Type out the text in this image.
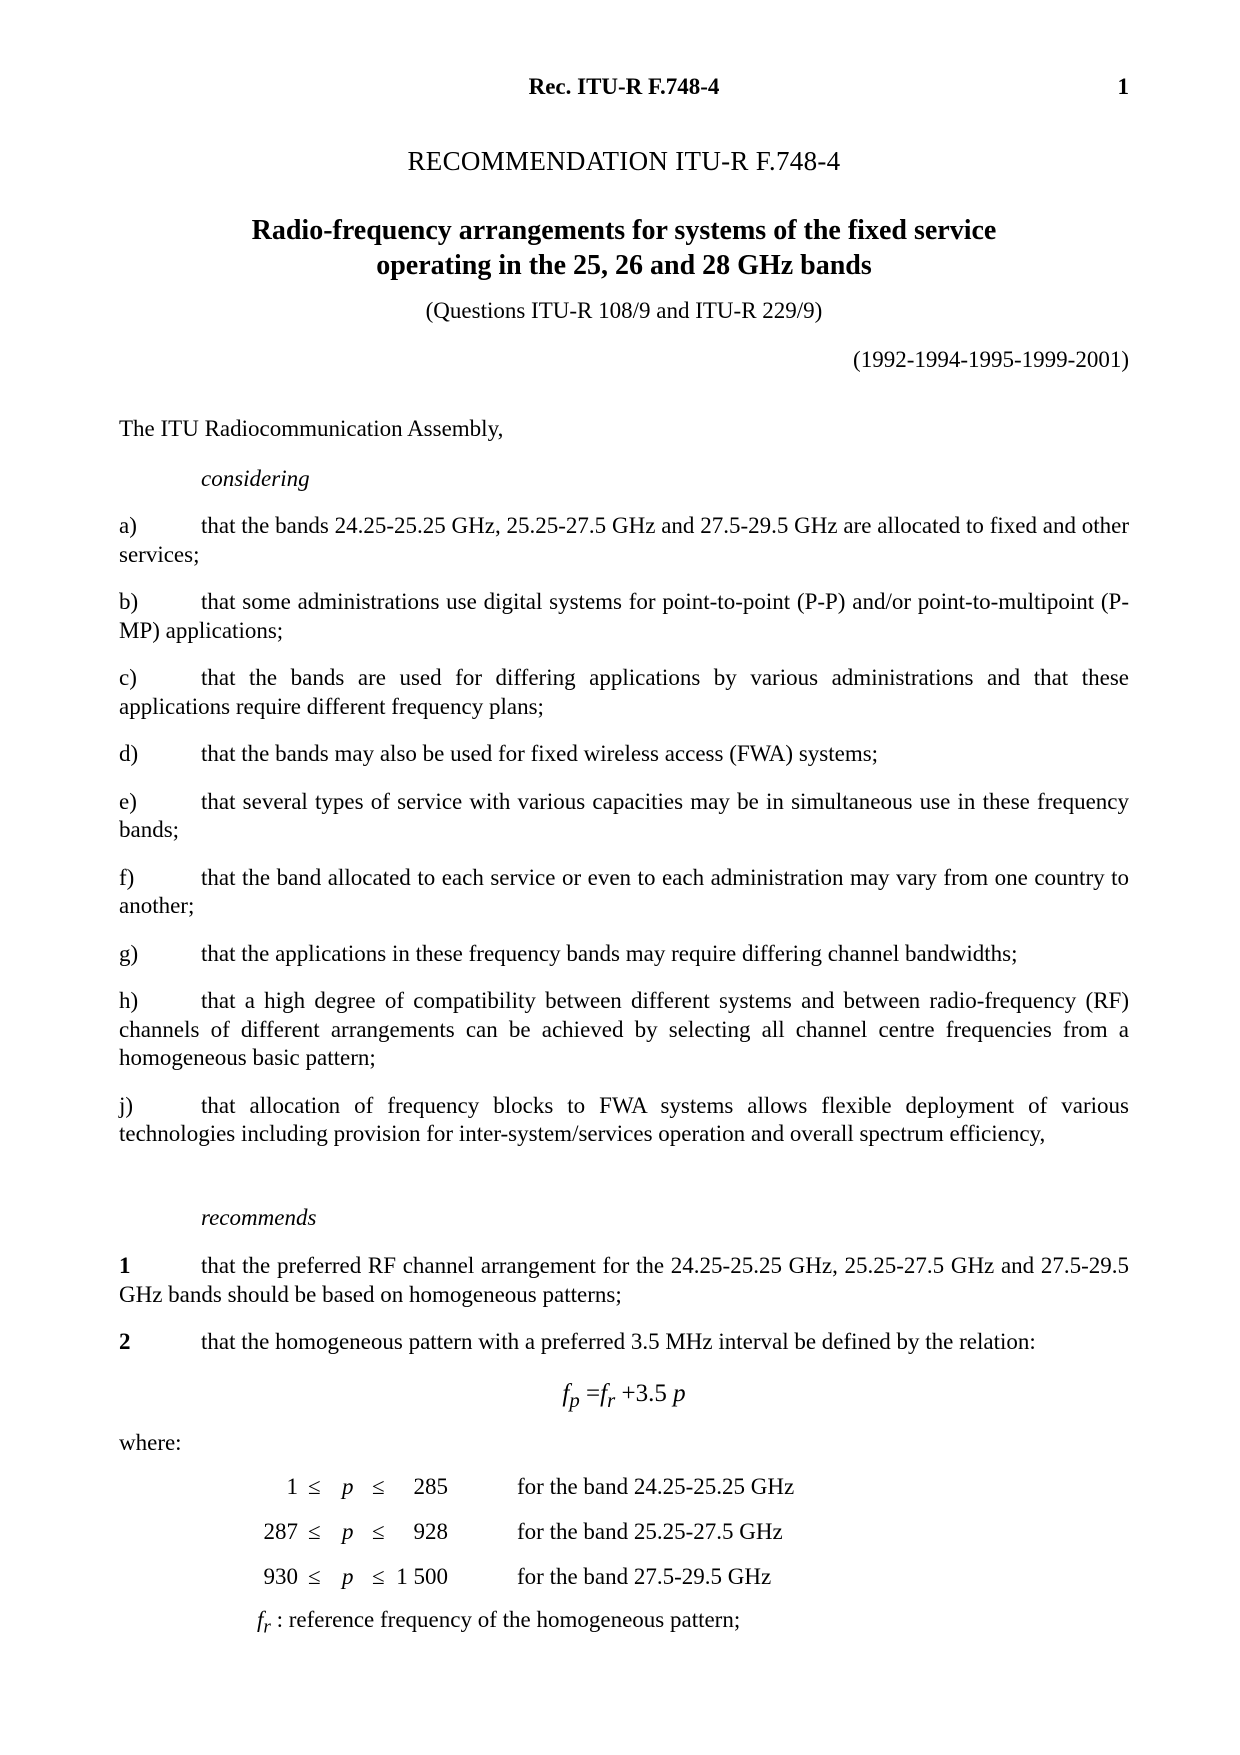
Rec. ITU-R F.748-4	1
RECOMMENDATION ITU-R F.748-4
Radio-frequency arrangements for systems of the fixed service
operating in the 25, 26 and 28 GHz bands
(Questions ITU-R 108/9 and ITU-R 229/9)
(1992-1994-1995-1999-2001)
The ITU Radiocommunication Assembly,
considering
a)	that the bands 24.25-25.25 GHz, 25.25-27.5 GHz and 27.5-29.5 GHz are allocated to fixed and other services;
b)	that some administrations use digital systems for point-to-point (P-P) and/or point-to-multipoint (P-MP) applications;
c)	that the bands are used for differing applications by various administrations and that these applications require different frequency plans;
d)	that the bands may also be used for fixed wireless access (FWA) systems;
e)	that several types of service with various capacities may be in simultaneous use in these frequency bands;
f)	that the band allocated to each service or even to each administration may vary from one country to another;
g)	that the applications in these frequency bands may require differing channel bandwidths;
h)	that a high degree of compatibility between different systems and between radio-frequency (RF) channels of different arrangements can be achieved by selecting all channel centre frequencies from a homogeneous basic pattern;
j)	that allocation of frequency blocks to FWA systems allows flexible deployment of various technologies including provision for inter-system/services operation and overall spectrum efficiency,
recommends
1	that the preferred RF channel arrangement for the 24.25-25.25 GHz, 25.25-27.5 GHz and 27.5-29.5 GHz bands should be based on homogeneous patterns;
2	that the homogeneous pattern with a preferred 3.5 MHz interval be defined by the relation:
$f_p =f_r +3.5$ p
where:
1 ≤ p ≤	285	for the band 24.25-25.25 GHz
287 ≤ p ≤	928	for the band 25.25-27.5 GHz
930 ≤ p ≤ 1 500	for the band 27.5-29.5 GHz
$f_r$ : reference frequency of the homogeneous pattern;
